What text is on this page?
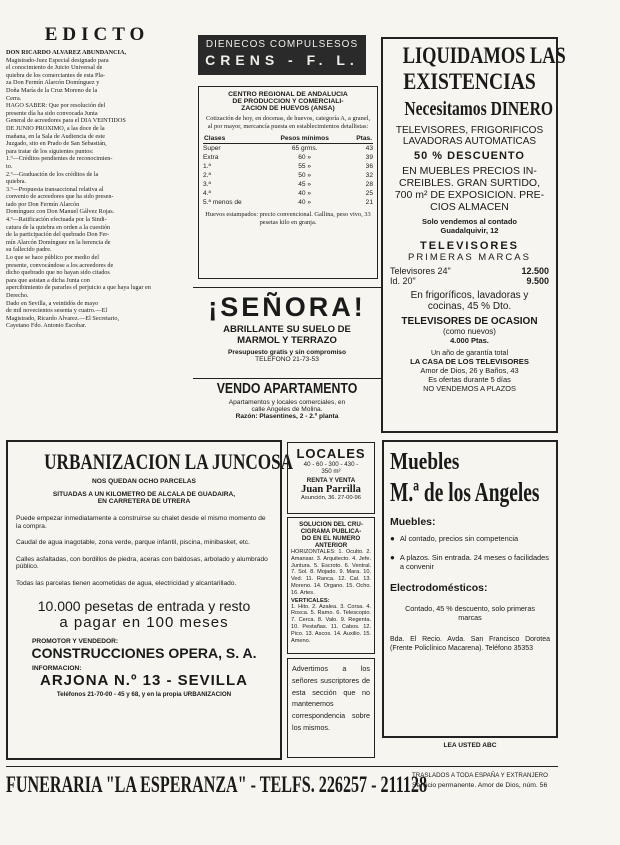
EDICTO

DON RICARDO ALVAREZ ABUNDANCIA,

Magistrado-Juez Especial designado para

el conocimiento de Juicio Universal de

quiebra de los comerciantes de esta Pla-

za Don Fermín Alarcón Domínguez y

Doña María de la Cruz Moreno de la

Cerra.

HAGO SABER: Que por resolución del

presente día ha sido convocada Junta

General de acreedores para el DIA VEINTIDOS

DE JUNIO PROXIMO, a las doce de la

mañana, en la Sala de Audiencia de este

Juzgado, sito en Prado de San Sebastián,

para tratar de los siguientes puntos:

1.º—Créditos pendientes de reconocimien-

to.

2.º—Graduación de los créditos de la

quiebra.

3.º—Propuesta transaccional relativa al

convenio de acreedores que ha sido presen-

tado por Don Fermín Alarcón

Domínguez con Don Manuel Gálvez Rojas.

4.º—Ratificación efectuada por la Sindi-

catura de la quiebra en orden a la cuestión

de la participación del quebrado Don Fer-

mín Alarcón Domínguez en la herencia de

su fallecido padre.

Lo que se hace público por medio del

presente, convocándose a los acreedores de

dicho quebrado que no hayan sido citados

para que asistan a dicha Junta con

apercibimiento de pararles el perjuicio a que haya lugar en

Derecho.

Dado en Sevilla, a veintidós de mayo

de mil novecientos sesenta y cuatro.—El

Magistrado, Ricardo Alvarez.—El Secretario,

Cayetano Fdo. Antonio Escobar.

DIENECOS COMPULSESOS
CRENS - F. L.
CENTRO REGIONAL DE ANDALUCIA
DE PRODUCCION Y COMERCIALI-
ZACION DE HUEVOS (ANSA)

Cotización de hoy, en docenas, de huevos, categoría A, a granel, al por mayor, mercancía puesta en establecimientos detallistas:

Clases	Pesos mínimos	Ptas.
Super	65 grms.	43
Extra	60 »	39
1.ª	55 »	36
2.ª	50 »	32
3.ª	45 »	28
4.ª	40 »	25
5.ª menos de	40 »	21

Huevos estampados: precio convencional. Gallina, peso vivo, 33 pesetas kilo en granja.

¡SEÑORA!
ABRILLANTE SU SUELO DE
MARMOL Y TERRAZO
Presupuesto gratis y sin compromiso
TELEFONO 21-73-53
VENDO APARTAMENTO
Apartamentos y locales comerciales, en
calle Angeles de Molina.
Razón: Plasentines, 2 - 2.º planta
LIQUIDAMOS LAS
EXISTENCIAS
Necesitamos DINERO
TELEVISORES, FRIGORIFICOS
LAVADORAS AUTOMATICAS
50 % DESCUENTO
EN MUEBLES PRECIOS IN-
CREIBLES. GRAN SURTIDO,
700 m² DE EXPOSICION. PRE-
CIOS ALMACEN
Solo vendemos al contado
Guadalquivir, 12
TELEVISORES
PRIMERAS MARCAS
Televisores 24"	12.500
Id. 20"	9.500
En frigoríficos, lavadoras y
cocinas, 45 % Dto.
TELEVISORES DE OCASION
(como nuevos)
4.000 Ptas.
Un año de garantía total
LA CASA DE LOS TELEVISORES
Amor de Dios, 26 y Baños, 43
Es ofertas durante 5 días
NO VENDEMOS A PLAZOS
URBANIZACION LA JUNCOSA
NOS QUEDAN OCHO PARCELAS
SITUADAS A UN KILOMETRO DE ALCALA DE GUADAIRA,
EN CARRETERA DE UTRERA

Puede empezar inmediatamente a construirse su chalet desde el mismo momento de la compra.

Caudal de agua inagotable, zona verde, parque infantil, piscina, minibasket, etc.

Calles asfaltadas, con bordillos de piedra, aceras con baldosas, arbolado y alumbrado público.

Todas las parcelas tienen acometidas de agua, electricidad y alcantarillado.

10.000 pesetas de entrada y resto
a pagar en 100 meses
PROMOTOR Y VENDEDOR:
CONSTRUCCIONES OPERA, S. A.
INFORMACION:
ARJONA N.º 13 - SEVILLA
Teléfonos 21-70-00 - 45 y 68, y en la propia URBANIZACION
LOCALES
40 - 60 - 300 - 430 -
350 m²
RENTA Y VENTA
Juan Parrilla
Asunción, 36. 27-00-96
SOLUCION DEL CRU-
CIGRAMA PUBLICA-
DO EN EL NUMERO
ANTERIOR

HORIZONTALES: 1. Oculto. 2. Amansar. 3. Arquitecto. 4. Jefe. Juntura. 5. Escroto. 6. Ventral. 7. Sol. 8. Mojado. 9. Mara. 10. Ved. 11. Ranca. 12. Cal. 13. Moreno. 14. Organo. 15. Ocho. 16. Artes.

VERTICALES:

1. Hito. 2. Azalea. 3. Corsa. 4. Rosca. 5. Ramo. 6. Telescopio. 7. Cerca. 8. Valo. 9. Regenta. 10. Pestañas. 11. Cabos. 12. Pico. 13. Ascos. 14. Auxilio. 15. Ameno.

Advertimos a los señores suscriptores de esta sección que no mantenemos correspondencia sobre los mismos.

Muebles
M.ª de los Angeles
Muebles:
● Al contado, precios sin competencia
● A plazos. Sin entrada. 24 meses o facilidades a convenir
Electrodomésticos:
Contado, 45 % descuento, solo primeras marcas
Bda. El Recio. Avda. San Francisco Dorotea (Frente Policlínico Macarena). Teléfono 35353
LEA USTED ABC
FUNERARIA "LA ESPERANZA" - TELFS. 226257 - 211128
TRASLADOS A TODA ESPAÑA Y EXTRANJERO
Servicio permanente. Amor de Dios, núm. 56
